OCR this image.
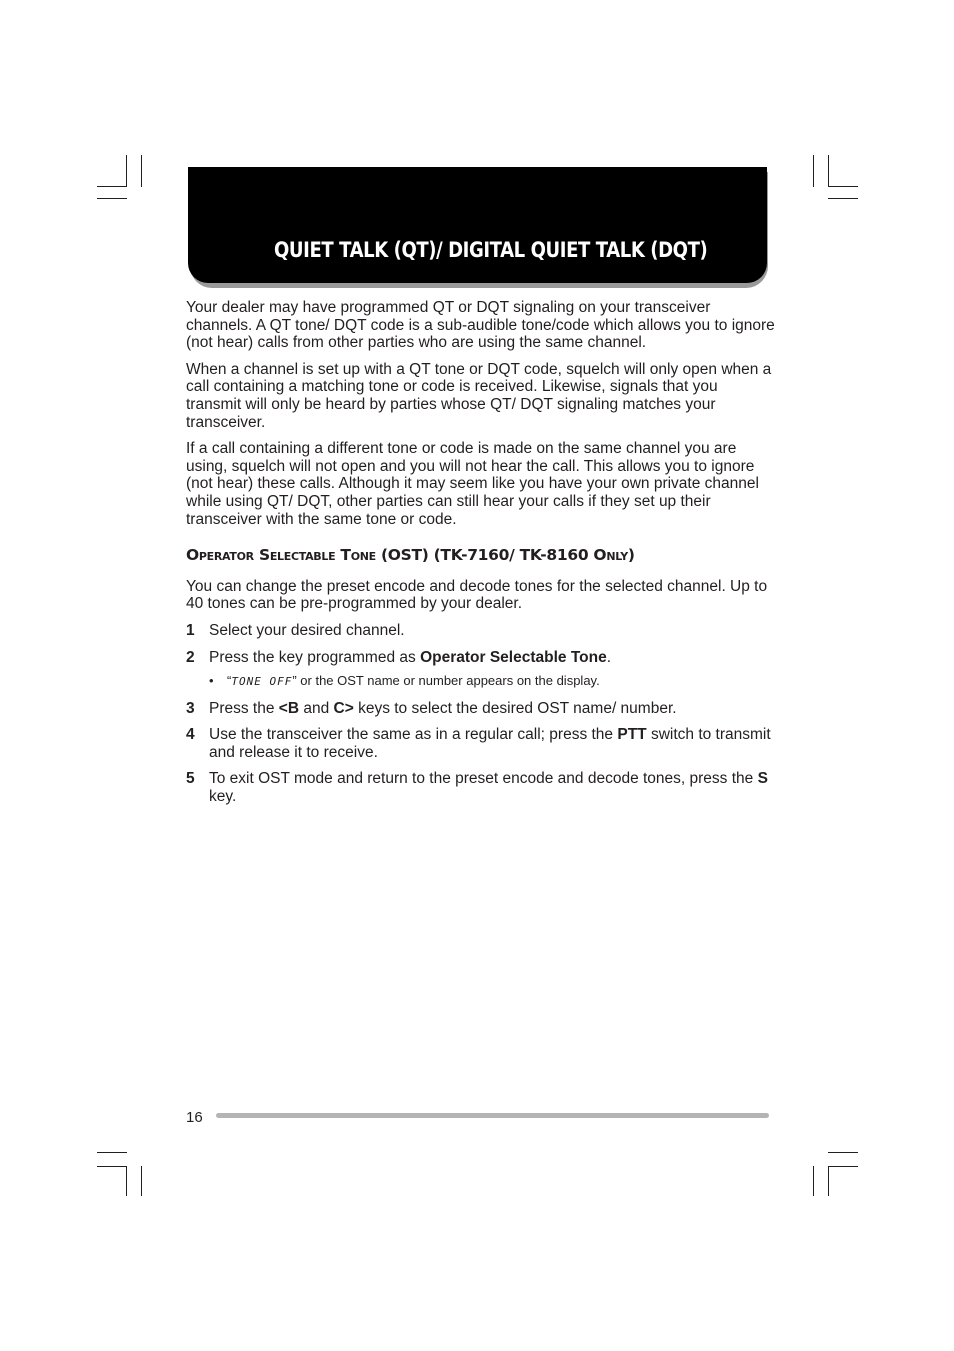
QUIET TALK (QT)/ DIGITAL QUIET TALK (DQT)

Your dealer may have programmed QT or DQT signaling on your transceiver channels. A QT tone/ DQT code is a sub-audible tone/code which allows you to ignore (not hear) calls from other parties who are using the same channel.

When a channel is set up with a QT tone or DQT code, squelch will only open when a call containing a matching tone or code is received. Likewise, signals that you transmit will only be heard by parties whose QT/ DQT signaling matches your transceiver.

If a call containing a different tone or code is made on the same channel you are using, squelch will not open and you will not hear the call. This allows you to ignore (not hear) these calls. Although it may seem like you have your own private channel while using QT/ DQT, other parties can still hear your calls if they set up their transceiver with the same tone or code.

OPERATOR SELECTABLE TONE (OST) (TK-7160/ TK-8160 ONLY)

You can change the preset encode and decode tones for the selected channel. Up to 40 tones can be pre-programmed by your dealer.

1 Select your desired channel.
2 Press the key programmed as Operator Selectable Tone.
• “TONE OFF” or the OST name or number appears on the display.
3 Press the <B and C> keys to select the desired OST name/ number.
4 Use the transceiver the same as in a regular call; press the PTT switch to transmit and release it to receive.
5 To exit OST mode and return to the preset encode and decode tones, press the S key.
16
